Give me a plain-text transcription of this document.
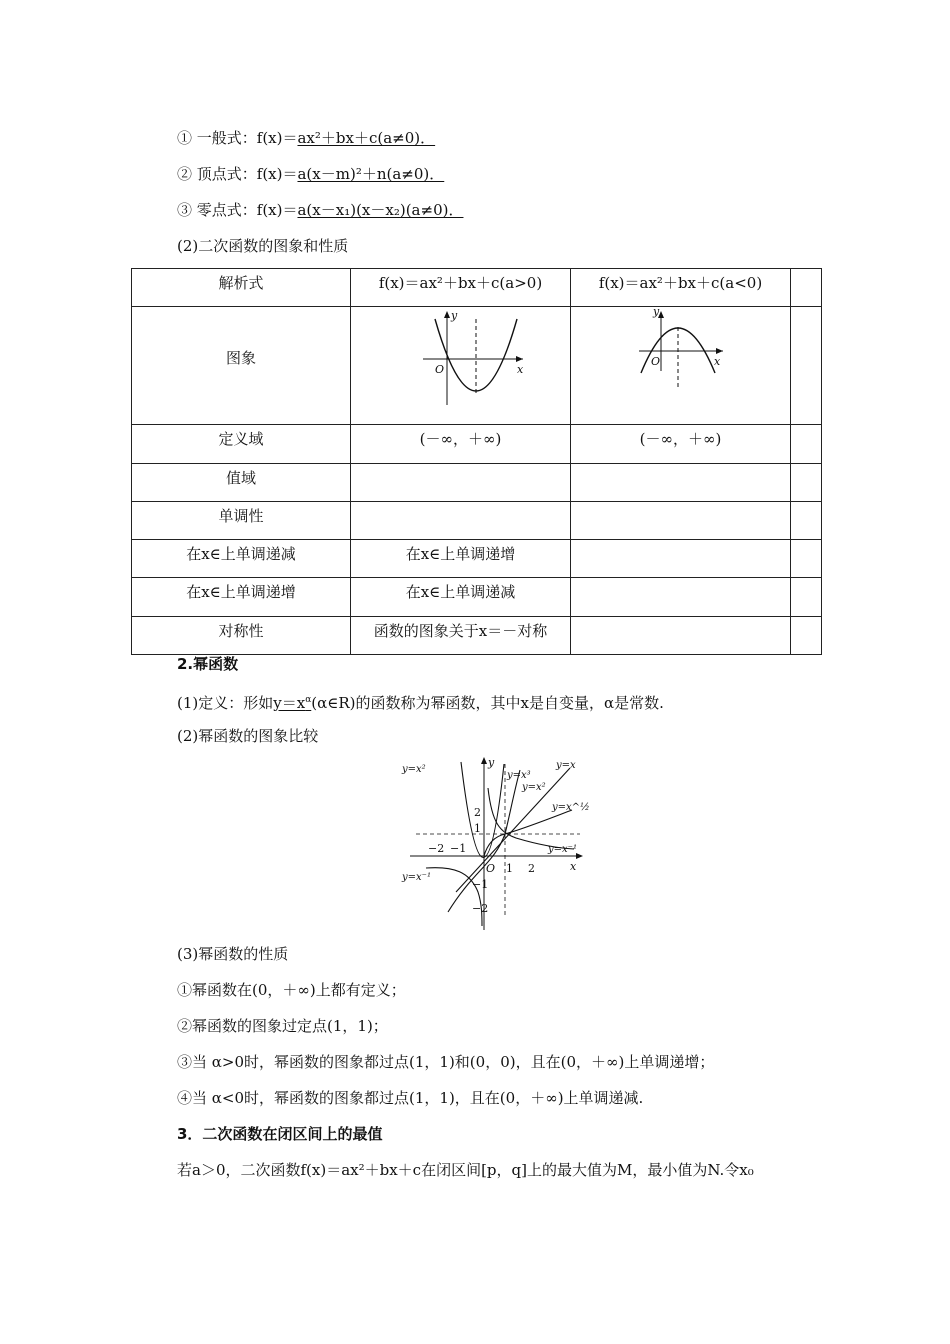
① 一般式：f(x)＝ax²＋bx＋c(a≠0)．
② 顶点式：f(x)＝a(x－m)²＋n(a≠0)．
③ 零点式：f(x)＝a(x－x₁)(x－x₂)(a≠0)．
(2)二次函数的图象和性质
解析式	f(x)＝ax²＋bx＋c(a>0)	f(x)＝ax²＋bx＋c(a<0)	

图象	y
x
O	y
x
O	

定义域	(－∞，＋∞)	(－∞，＋∞)	

值域			

单调性			

在x∈上单调递减	在x∈上单调递增		

在x∈上单调递增	在x∈上单调递减		

对称性	函数的图象关于x＝－对称		

2.幂函数
(1)定义：形如$y=x^\alpha(\alpha\in R)$的函数称为幂函数，其中x是自变量，α是常数.
(2)幂函数的图象比较
y=x²
y=x³
y=x²
y=x
y=x^½
y=x⁻¹
y=x⁻¹
y
x
O
−2 −1
1 2
1
2
−1
−2
(3)幂函数的性质
①幂函数在(0，＋∞)上都有定义；
②幂函数的图象过定点(1，1)；
③当 α>0时，幂函数的图象都过点(1，1)和(0，0)，且在(0，＋∞)上单调递增；
④当 α<0时，幂函数的图象都过点(1，1)，且在(0，＋∞)上单调递减.
3．二次函数在闭区间上的最值
若a＞0，二次函数f(x)＝ax²＋bx＋c在闭区间[p，q]上的最大值为M，最小值为N.令x₀
